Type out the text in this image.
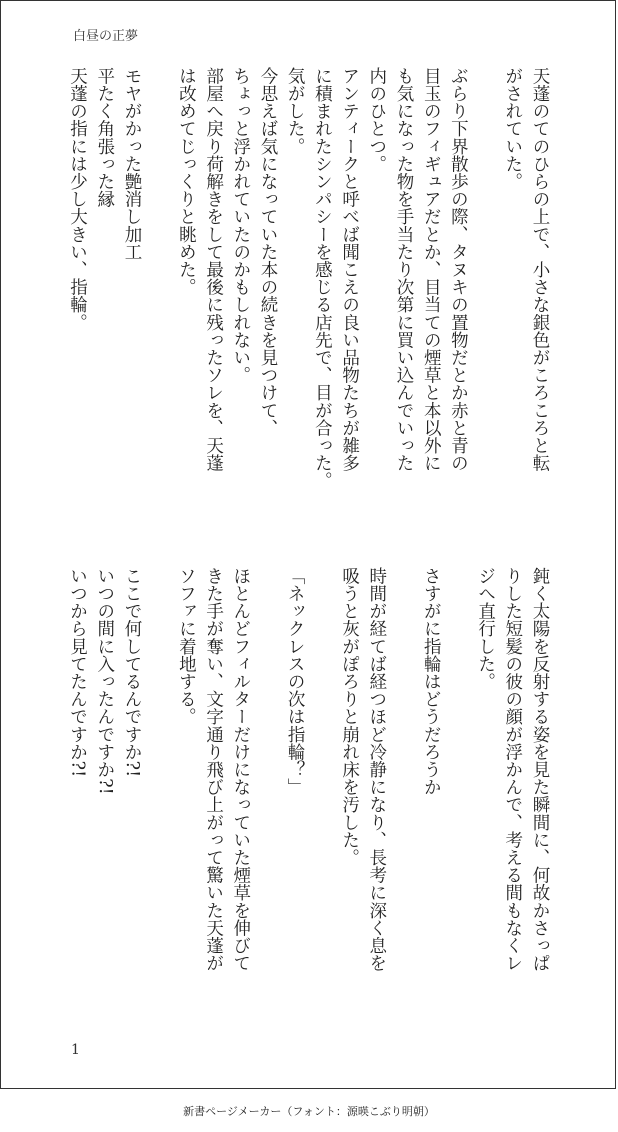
白昼の正夢
天蓬のてのひらの上で、小さな銀色がころころと転
がされていた。

ぶらり下界散歩の際、タヌキの置物だとか赤と青の
目玉のフィギュアだとか、目当ての煙草と本以外に
も気になった物を手当たり次第に買い込んでいった
内のひとつ。
アンティークと呼べば聞こえの良い品物たちが雑多
に積まれたシンパシーを感じる店先で、目が合った。
気がした。
今思えば気になっていた本の続きを見つけて、
ちょっと浮かれていたのかもしれない。
部屋へ戻り荷解きをして最後に残ったソレを、天蓬
は改めてじっくりと眺めた。

モヤがかった艶消し加工
平たく角張った縁
天蓬の指には少し大きい、指輪。
鈍く太陽を反射する姿を見た瞬間に、何故かさっぱ
りした短髪の彼の顔が浮かんで、考える間もなくレ
ジへ直行した。

さすがに指輪はどうだろうか

時間が経てば経つほど冷静になり、長考に深く息を
吸うと灰がぽろりと崩れ床を汚した。

「ネックレスの次は指輪？」

ほとんどフィルターだけになっていた煙草を伸びて
きた手が奪い、文字通り飛び上がって驚いた天蓬が
ソファに着地する。

ここで何してるんですか?!
いつの間に入ったんですか?!
いつから見てたんですか?!
1
新書ページメーカー（フォント：源暎こぶり明朝）
